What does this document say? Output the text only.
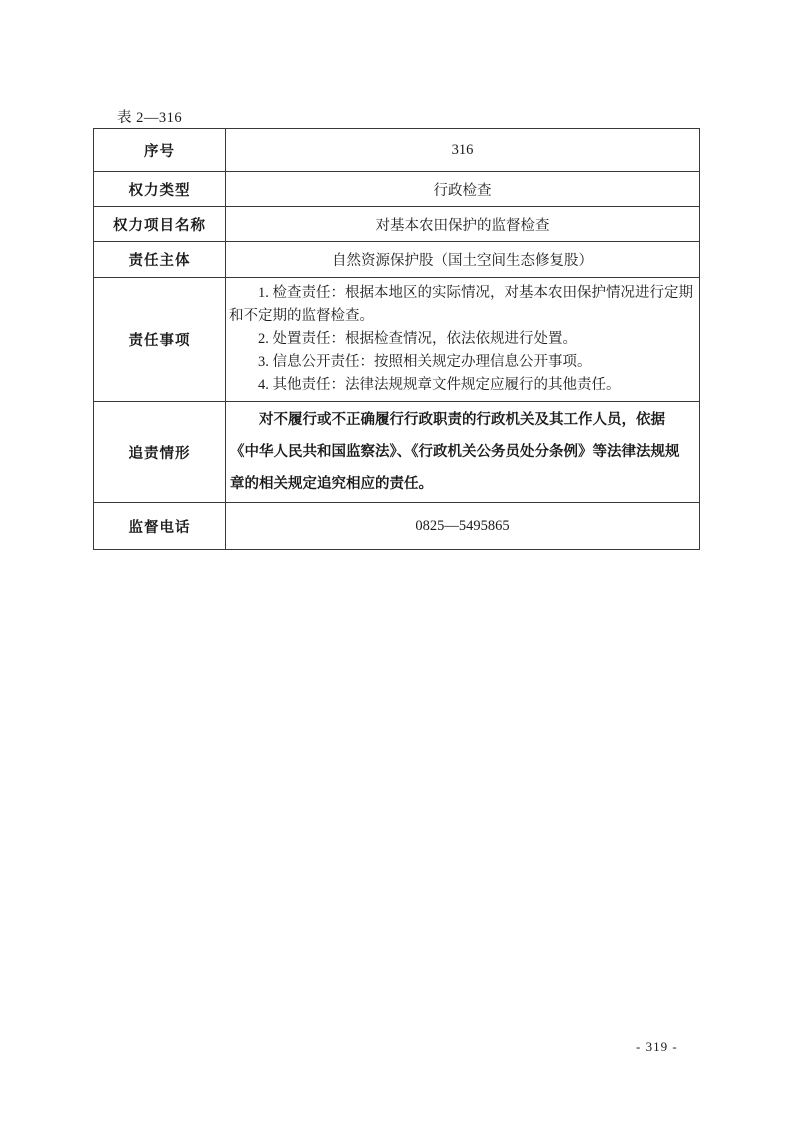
表 2—316
序号	316
权力类型	行政检查
权力项目名称	对基本农田保护的监督检查
责任主体	自然资源保护股（国土空间生态修复股）
责任事项	1. 检查责任：根据本地区的实际情况，对基本农田保护情况进行定期和不定期的监督检查。

2. 处置责任：根据检查情况，依法依规进行处置。

3. 信息公开责任：按照相关规定办理信息公开事项。

4. 其他责任：法律法规规章文件规定应履行的其他责任。

追责情形	对不履行或不正确履行行政职责的行政机关及其工作人员，依据《中华人民共和国监察法》、《行政机关公务员处分条例》等法律法规规章的相关规定追究相应的责任。

监督电话	0825—5495865
- 319 -
